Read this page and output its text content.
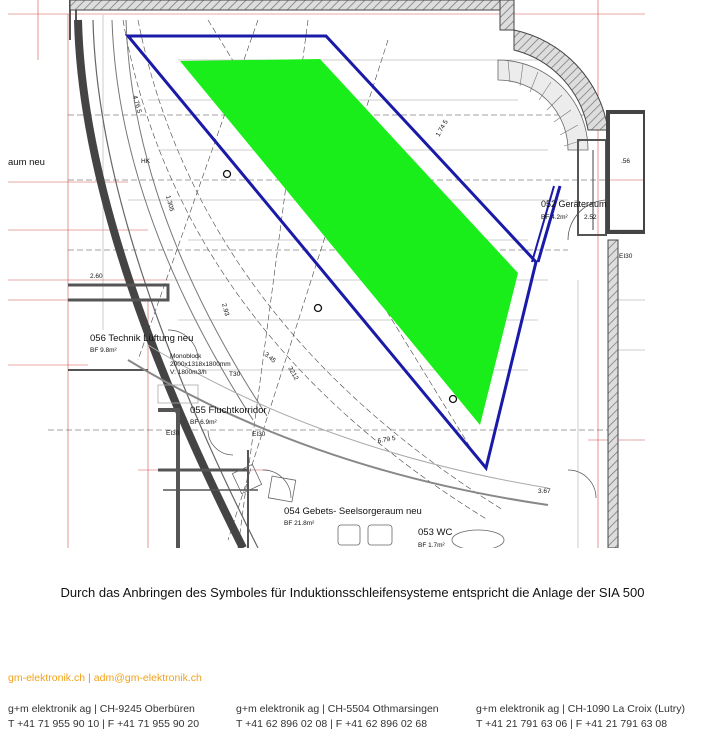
056 Technik Lüftung neu
BF 9.8m²
055 Fluchtkorridor
BF 6.9m²
054 Gebets- Seelsorgeraum neu
BF 21.8m²
053 WC
BF 1.7m²
052 Geräteraum
BF 4.2m²
aum neu
Monoblock
2000x1318x1800mm
V: 1800m3/h
2.60
2.93
3.67
6.79 5
3.45
3212
2.52
1.74 5
4.76 5
1.305
EI30
EI30	EI30
T30
HK	.56
Durch das Anbringen des Symboles für Induktionsschleifensysteme entspricht die Anlage der SIA 500
gm-elektronik.ch | adm@gm-elektronik.ch
g+m elektronik ag | CH-9245 Oberbüren
T +41 71 955 90 10 | F +41 71 955 90 20
g+m elektronik ag | CH-5504 Othmarsingen
T +41 62 896 02 08 | F +41 62 896 02 68
g+m elektronik ag | CH-1090 La Croix (Lutry)
T +41 21 791 63 06 | F +41 21 791 63 08
